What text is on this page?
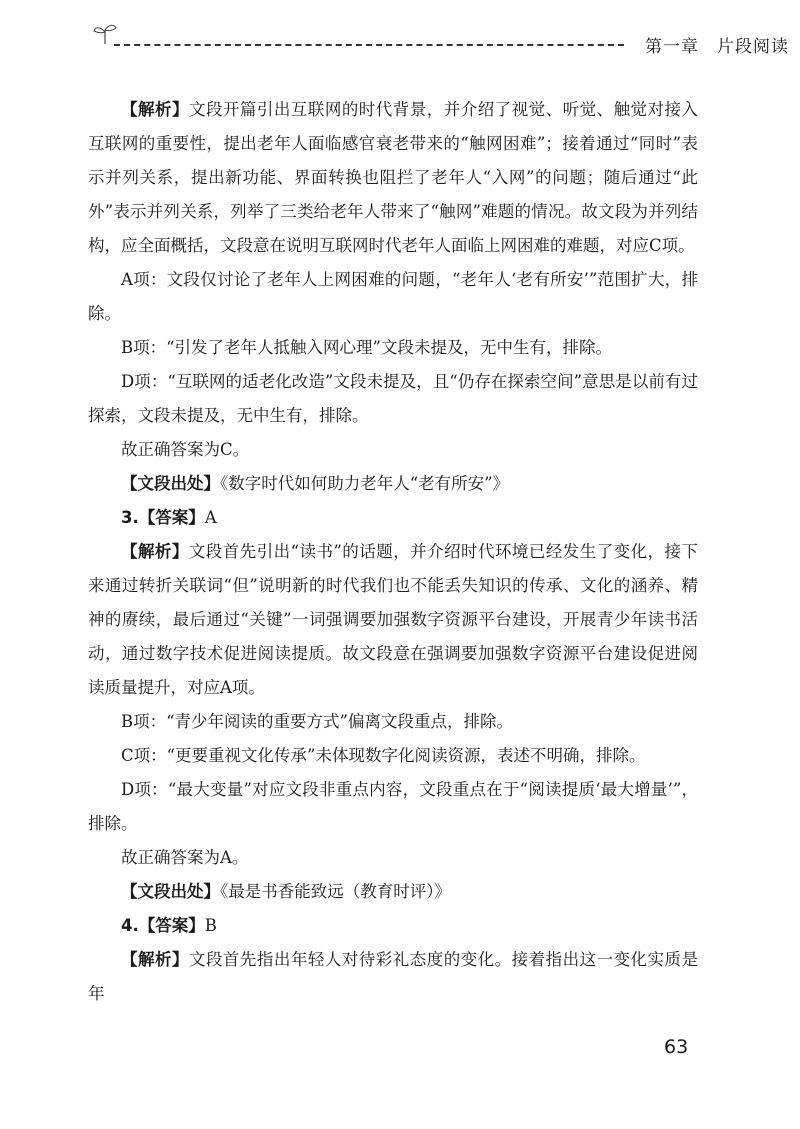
第一章　片段阅读

【解析】文段开篇引出互联网的时代背景，并介绍了视觉、听觉、触觉对接入互联网的重要性，提出老年人面临感官衰老带来的“触网困难”；接着通过“同时”表示并列关系，提出新功能、界面转换也阻拦了老年人“入网”的问题；随后通过“此外”表示并列关系，列举了三类给老年人带来了“触网”难题的情况。故文段为并列结构，应全面概括，文段意在说明互联网时代老年人面临上网困难的难题，对应C项。

A项：文段仅讨论了老年人上网困难的问题，“老年人‘老有所安’”范围扩大，排除。

B项：“引发了老年人抵触入网心理”文段未提及，无中生有，排除。

D项：“互联网的适老化改造”文段未提及，且“仍存在探索空间”意思是以前有过探索，文段未提及，无中生有，排除。

故正确答案为C。

【文段出处】《数字时代如何助力老年人“老有所安”》

3.【答案】A

【解析】文段首先引出“读书”的话题，并介绍时代环境已经发生了变化，接下来通过转折关联词“但”说明新的时代我们也不能丢失知识的传承、文化的涵养、精神的赓续，最后通过“关键”一词强调要加强数字资源平台建设，开展青少年读书活动，通过数字技术促进阅读提质。故文段意在强调要加强数字资源平台建设促进阅读质量提升，对应A项。

B项：“青少年阅读的重要方式”偏离文段重点，排除。

C项：“更要重视文化传承”未体现数字化阅读资源，表述不明确，排除。

D项：“最大变量”对应文段非重点内容，文段重点在于“阅读提质‘最大增量’”，排除。

故正确答案为A。

【文段出处】《最是书香能致远（教育时评）》

4.【答案】B

【解析】文段首先指出年轻人对待彩礼态度的变化。接着指出这一变化实质是年

63
